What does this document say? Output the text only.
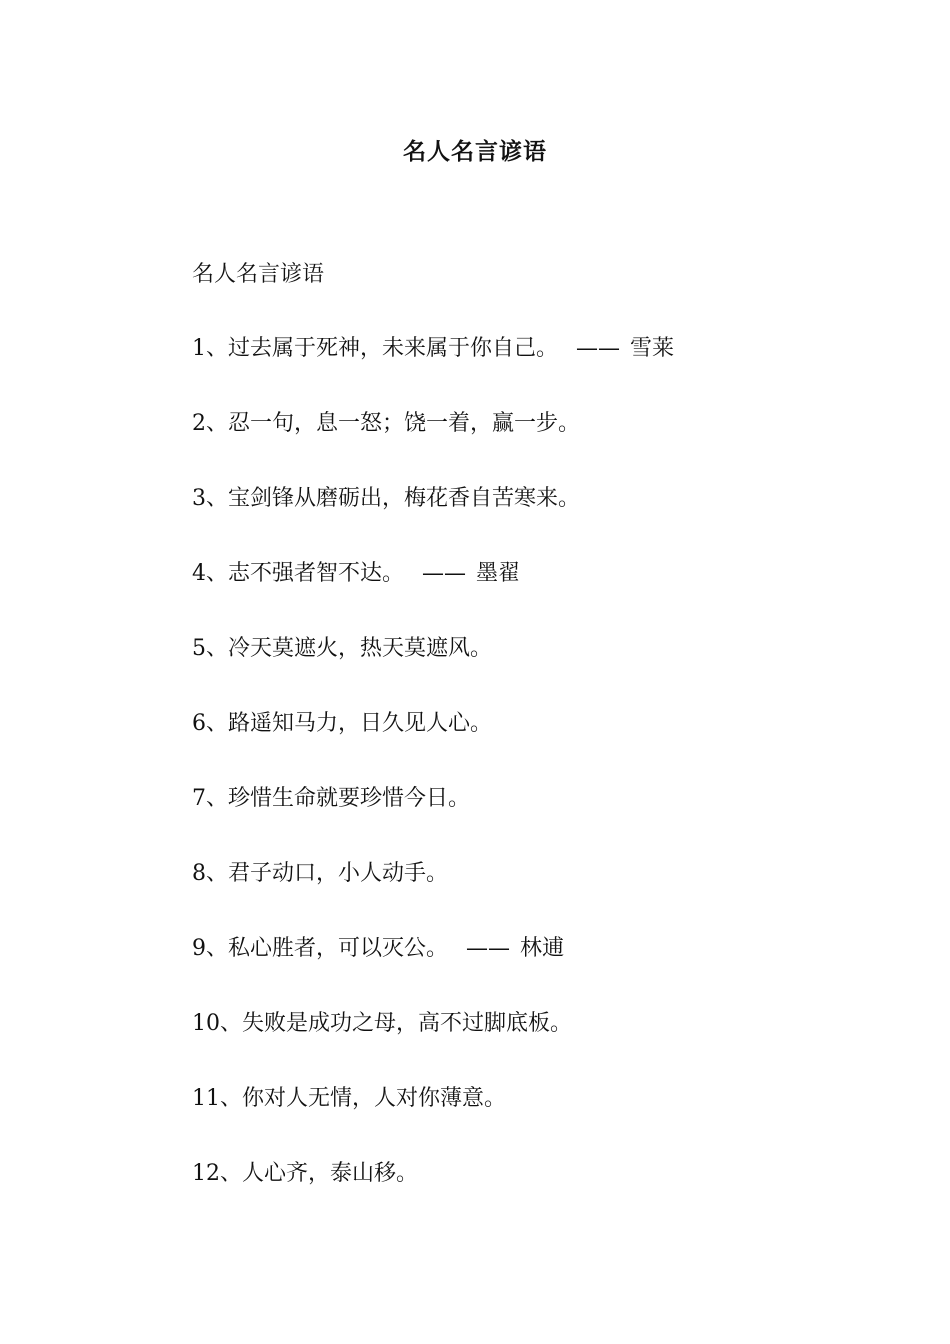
名人名言谚语

名人名言谚语

1、过去属于死神，未来属于你自己。 —— 雪莱
2、忍一句，息一怒；饶一着，赢一步。
3、宝剑锋从磨砺出，梅花香自苦寒来。
4、志不强者智不达。 —— 墨翟
5、冷天莫遮火，热天莫遮风。
6、路遥知马力，日久见人心。
7、珍惜生命就要珍惜今日。
8、君子动口，小人动手。
9、私心胜者，可以灭公。 —— 林逋
10、失败是成功之母，高不过脚底板。
11、你对人无情，人对你薄意。
12、人心齐，泰山移。
